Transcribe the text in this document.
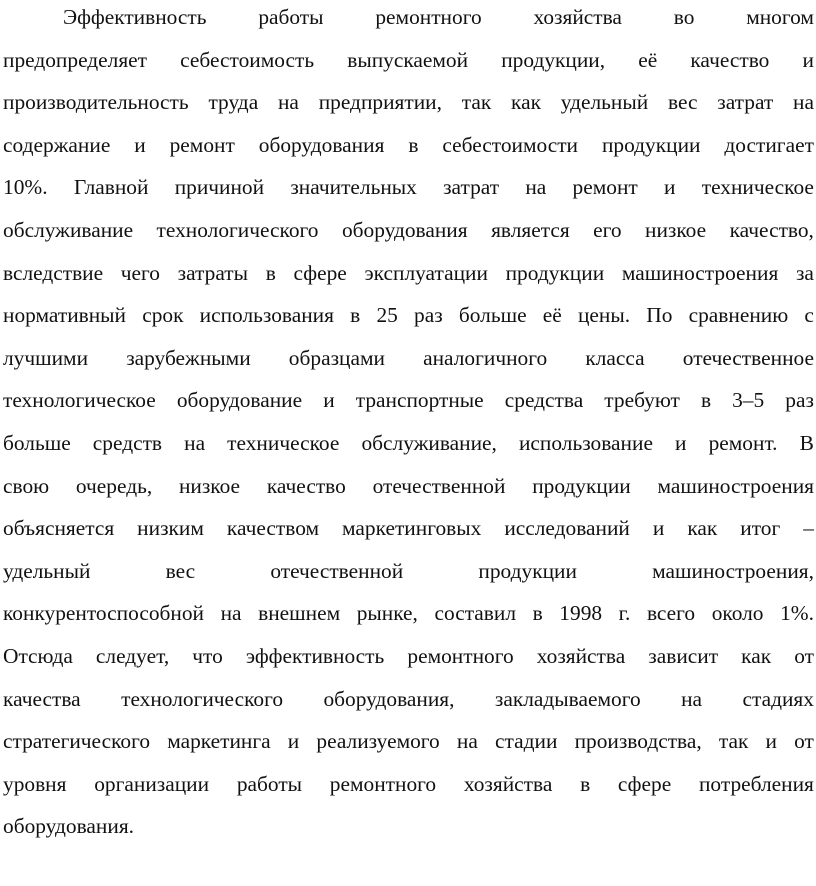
Эффективность работы ремонтного хозяйства во многом
предопределяет себестоимость выпускаемой продукции, её качество и
производительность труда на предприятии, так как удельный вес затрат на
содержание и ремонт оборудования в себестоимости продукции достигает
10%. Главной причиной значительных затрат на ремонт и техническое
обслуживание технологического оборудования является его низкое качество,
вследствие чего затраты в сфере эксплуатации продукции машиностроения за
нормативный срок использования в 25 раз больше её цены. По сравнению с
лучшими зарубежными образцами аналогичного класса отечественное
технологическое оборудование и транспортные средства требуют в 3–5 раз
больше средств на техническое обслуживание, использование и ремонт. В
свою очередь, низкое качество отечественной продукции машиностроения
объясняется низким качеством маркетинговых исследований и как итог –
удельный	вес	отечественной	продукции	машиностроения,
конкурентоспособной на внешнем рынке, составил в 1998 г. всего около 1%.
Отсюда следует, что эффективность ремонтного хозяйства зависит как от
качества технологического оборудования, закладываемого на стадиях
стратегического маркетинга и реализуемого на стадии производства, так и от
уровня организации работы ремонтного хозяйства в сфере потребления
оборудования.
